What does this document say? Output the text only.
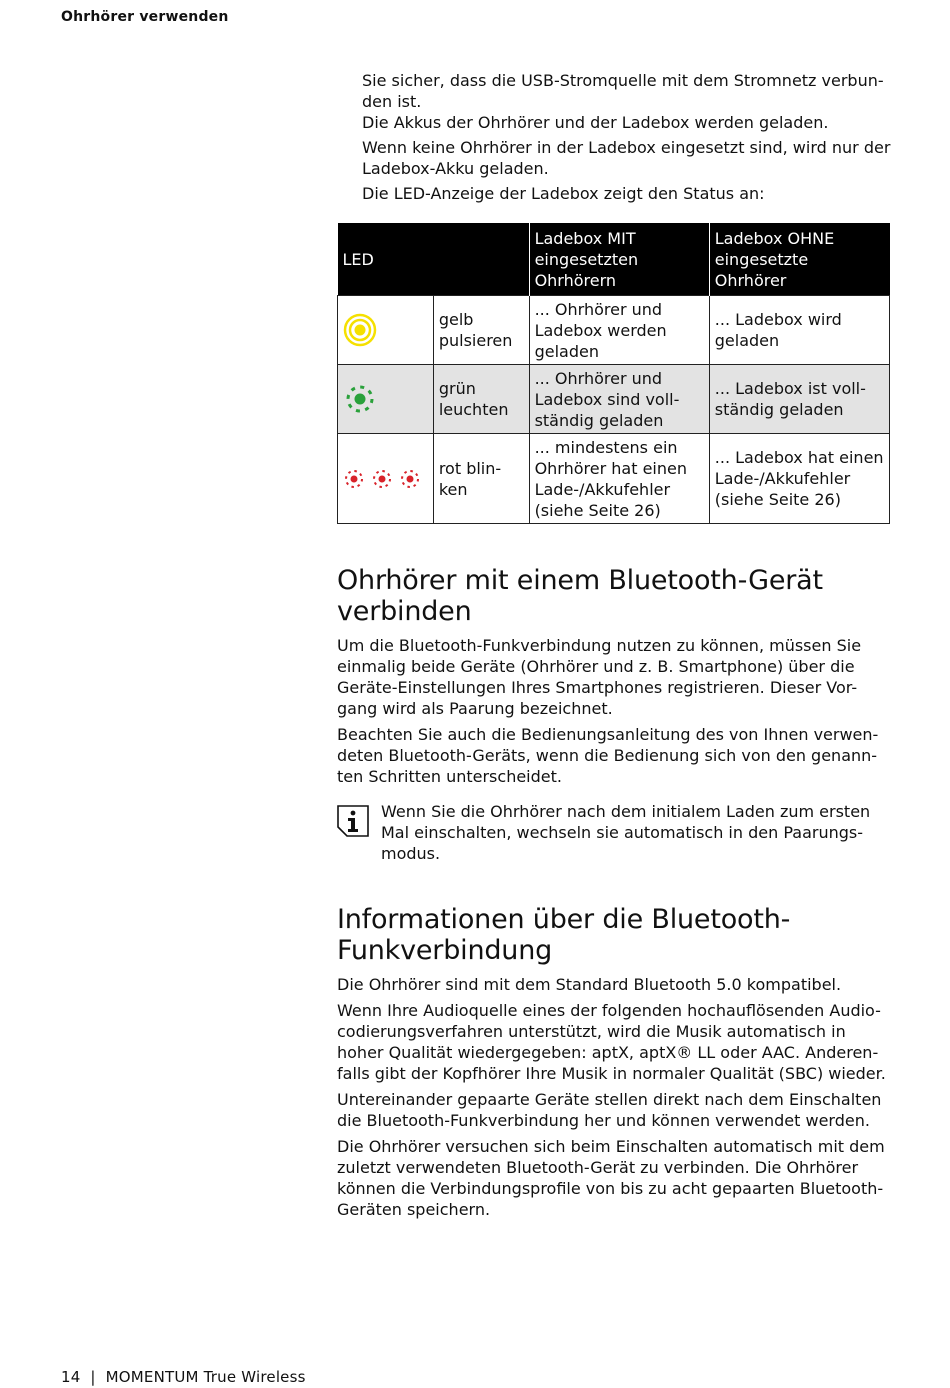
Ohrhörer verwenden

Sie sicher, dass die USB-Stromquelle mit dem Stromnetz verbun-den ist.
Die Akkus der Ohrhörer und der Ladebox werden geladen.

Wenn keine Ohrhörer in der Ladebox eingesetzt sind, wird nur der Ladebox-Akku geladen.

Die LED-Anzeige der Ladebox zeigt den Status an:

LED		Ladebox MIT eingesetzten Ohrhörern	Ladebox OHNE eingesetzte Ohrhörer

	gelb pulsieren	... Ohrhörer und Ladebox werden geladen	... Ladebox wird geladen

	grün leuchten	... Ohrhörer und Ladebox sind voll-ständig geladen	... Ladebox ist voll-ständig geladen

	rot blin-ken	... mindestens ein Ohrhörer hat einen Lade-/Akkufehler (siehe Seite 26)	... Ladebox hat einen Lade-/Akkufehler (siehe Seite 26)
Ohrhörer mit einem Bluetooth-Gerät verbinden

Um die Bluetooth-Funkverbindung nutzen zu können, müssen Sie einmalig beide Geräte (Ohrhörer und z. B. Smartphone) über die Geräte-Einstellungen Ihres Smartphones registrieren. Dieser Vor-gang wird als Paarung bezeichnet.

Beachten Sie auch die Bedienungsanleitung des von Ihnen verwen-deten Bluetooth-Geräts, wenn die Bedienung sich von den genann-ten Schritten unterscheidet.

Wenn Sie die Ohrhörer nach dem initialem Laden zum ersten Mal einschalten, wechseln sie automatisch in den Paarungs-modus.
Informationen über die Bluetooth-Funkverbindung

Die Ohrhörer sind mit dem Standard Bluetooth 5.0 kompatibel.

Wenn Ihre Audioquelle eines der folgenden hochauflösenden Audio-codierungsverfahren unterstützt, wird die Musik automatisch in hoher Qualität wiedergegeben: aptX, aptX® LL oder AAC. Anderen-falls gibt der Kopfhörer Ihre Musik in normaler Qualität (SBC) wieder.

Untereinander gepaarte Geräte stellen direkt nach dem Einschalten die Bluetooth-Funkverbindung her und können verwendet werden.

Die Ohrhörer versuchen sich beim Einschalten automatisch mit dem zuletzt verwendeten Bluetooth-Gerät zu verbinden. Die Ohrhörer können die Verbindungsprofile von bis zu acht gepaarten Bluetooth-Geräten speichern.

14  |  MOMENTUM True Wireless
